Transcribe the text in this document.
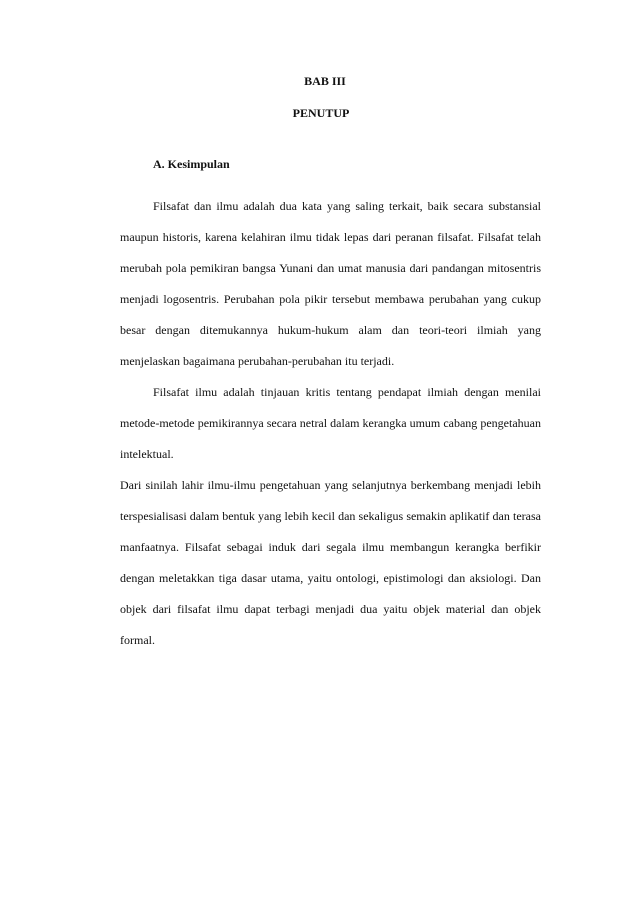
BAB III
PENUTUP
A. Kesimpulan

Filsafat dan ilmu adalah dua kata yang saling terkait, baik secara substansial maupun historis, karena kelahiran ilmu tidak lepas dari peranan filsafat. Filsafat telah merubah pola pemikiran bangsa Yunani dan umat manusia dari pandangan mitosentris menjadi logosentris. Perubahan pola pikir tersebut membawa perubahan yang cukup besar dengan ditemukannya hukum-hukum alam dan teori-teori ilmiah yang menjelaskan bagaimana perubahan-perubahan itu terjadi.

Filsafat ilmu adalah tinjauan kritis tentang pendapat ilmiah dengan menilai metode-metode pemikirannya secara netral dalam kerangka umum cabang pengetahuan intelektual.

Dari sinilah lahir ilmu-ilmu pengetahuan yang selanjutnya berkembang menjadi lebih terspesialisasi dalam bentuk yang lebih kecil dan sekaligus semakin aplikatif dan terasa manfaatnya. Filsafat sebagai induk dari segala ilmu membangun kerangka berfikir dengan meletakkan tiga dasar utama, yaitu ontologi, epistimologi dan aksiologi. Dan objek dari filsafat ilmu dapat terbagi menjadi dua yaitu objek material dan objek formal.
